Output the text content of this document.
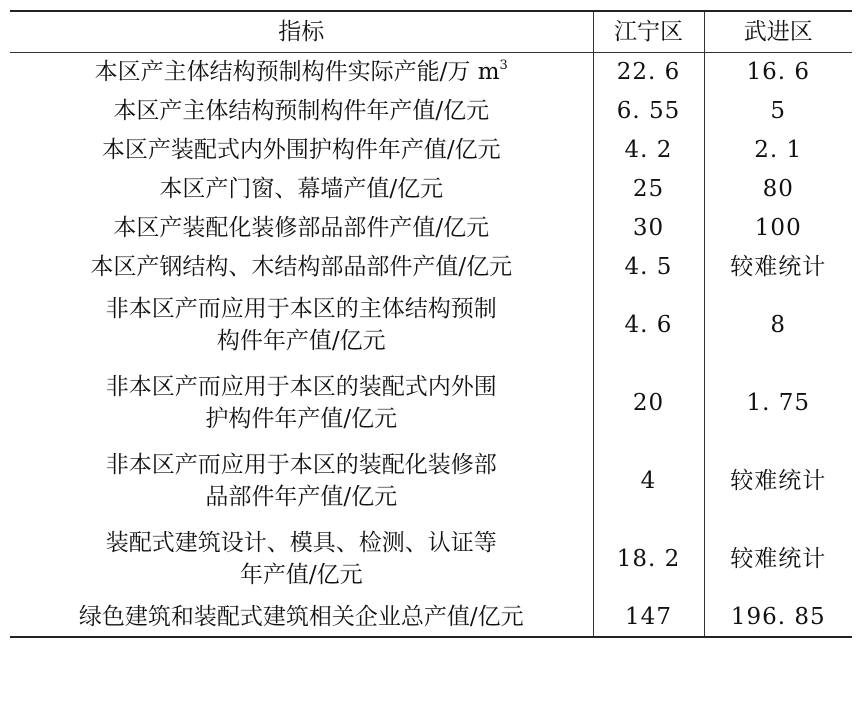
指标	江宁区	武进区
本区产主体结构预制构件实际产能/万 $m^3$	22. 6	16. 6
本区产主体结构预制构件年产值/亿元	6. 55	5
本区产装配式内外围护构件年产值/亿元	4. 2	2. 1
本区产门窗、幕墙产值/亿元	25	80
本区产装配化装修部品部件产值/亿元	30	100
本区产钢结构、木结构部品部件产值/亿元	4. 5	较难统计

非本区产而应用于本区的主体结构预制
构件年产值/亿元	4. 6	8

非本区产而应用于本区的装配式内外围
护构件年产值/亿元	20	1. 75

非本区产而应用于本区的装配化装修部
品部件年产值/亿元	4	较难统计

装配式建筑设计、模具、检测、认证等
年产值/亿元	18. 2	较难统计
绿色建筑和装配式建筑相关企业总产值/亿元	147	196. 85
